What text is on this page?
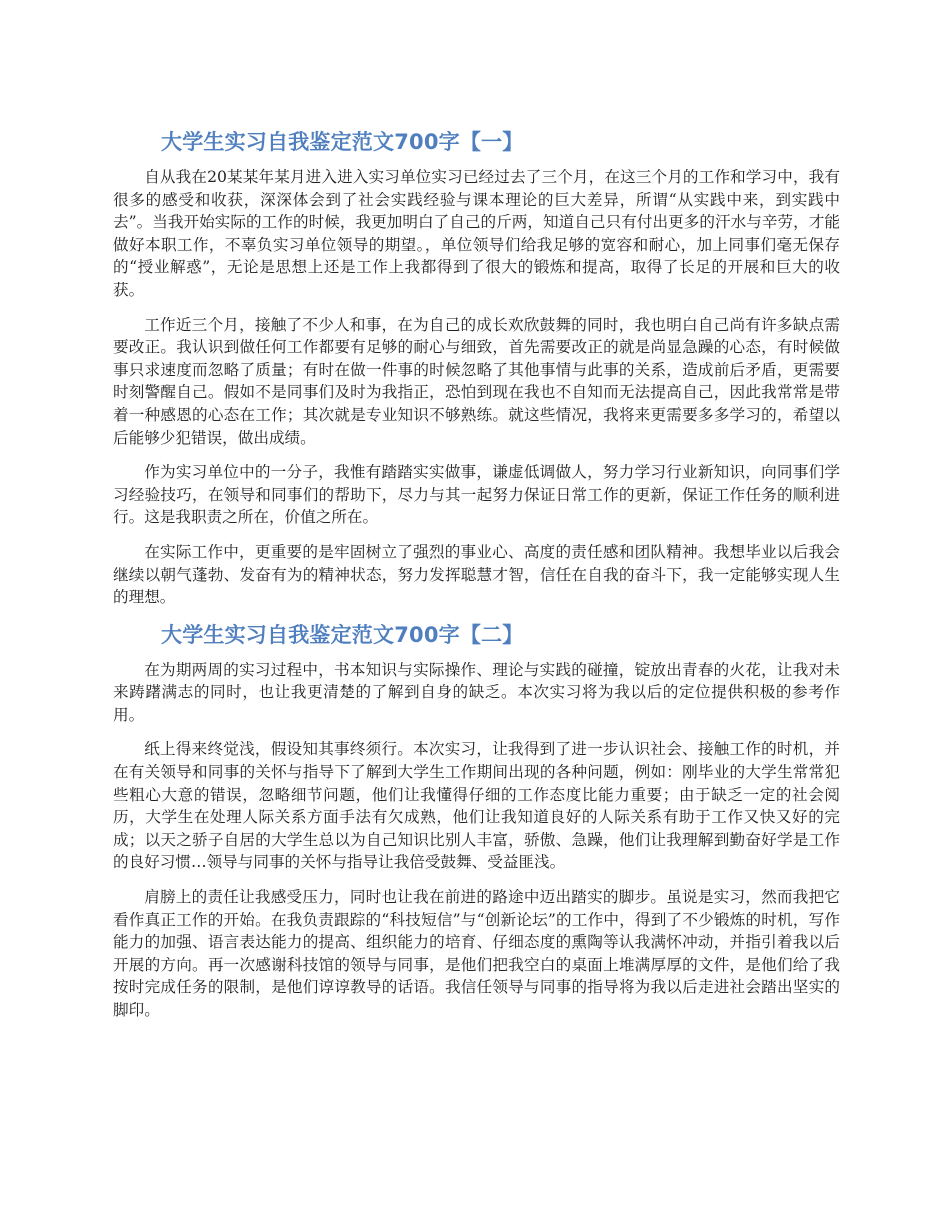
大学生实习自我鉴定范文700字【一】

自从我在20某某年某月进入进入实习单位实习已经过去了三个月，在这三个月的工作和学习中，我有很多的感受和收获，深深体会到了社会实践经验与课本理论的巨大差异，所谓“从实践中来，到实践中去”。当我开始实际的工作的时候，我更加明白了自己的斤两，知道自己只有付出更多的汗水与辛劳，才能做好本职工作，不辜负实习单位领导的期望。，单位领导们给我足够的宽容和耐心，加上同事们毫无保存的“授业解惑”，无论是思想上还是工作上我都得到了很大的锻炼和提高，取得了长足的开展和巨大的收获。

工作近三个月，接触了不少人和事，在为自己的成长欢欣鼓舞的同时，我也明白自己尚有许多缺点需要改正。我认识到做任何工作都要有足够的耐心与细致，首先需要改正的就是尚显急躁的心态，有时候做事只求速度而忽略了质量；有时在做一件事的时候忽略了其他事情与此事的关系，造成前后矛盾，更需要时刻警醒自己。假如不是同事们及时为我指正，恐怕到现在我也不自知而无法提高自己，因此我常常是带着一种感恩的心态在工作；其次就是专业知识不够熟练。就这些情况，我将来更需要多多学习的，希望以后能够少犯错误，做出成绩。

作为实习单位中的一分子，我惟有踏踏实实做事，谦虚低调做人，努力学习行业新知识，向同事们学习经验技巧，在领导和同事们的帮助下，尽力与其一起努力保证日常工作的更新，保证工作任务的顺利进行。这是我职责之所在，价值之所在。

在实际工作中，更重要的是牢固树立了强烈的事业心、高度的责任感和团队精神。我想毕业以后我会继续以朝气蓬勃、发奋有为的精神状态，努力发挥聪慧才智，信任在自我的奋斗下，我一定能够实现人生的理想。

大学生实习自我鉴定范文700字【二】

在为期两周的实习过程中，书本知识与实际操作、理论与实践的碰撞，锭放出青春的火花，让我对未来踌躇满志的同时，也让我更清楚的了解到自身的缺乏。本次实习将为我以后的定位提供积极的参考作用。

纸上得来终觉浅，假设知其事终须行。本次实习，让我得到了进一步认识社会、接触工作的时机，并在有关领导和同事的关怀与指导下了解到大学生工作期间出现的各种问题，例如：刚毕业的大学生常常犯些粗心大意的错误，忽略细节问题，他们让我懂得仔细的工作态度比能力重要；由于缺乏一定的社会阅历，大学生在处理人际关系方面手法有欠成熟，他们让我知道良好的人际关系有助于工作又快又好的完成；以天之骄子自居的大学生总以为自己知识比别人丰富，骄傲、急躁，他们让我理解到勤奋好学是工作的良好习惯…领导与同事的关怀与指导让我倍受鼓舞、受益匪浅。

肩膀上的责任让我感受压力，同时也让我在前进的路途中迈出踏实的脚步。虽说是实习，然而我把它看作真正工作的开始。在我负责跟踪的“科技短信”与“创新论坛”的工作中，得到了不少锻炼的时机，写作能力的加强、语言表达能力的提高、组织能力的培育、仔细态度的熏陶等认我满怀冲动，并指引着我以后开展的方向。再一次感谢科技馆的领导与同事，是他们把我空白的桌面上堆满厚厚的文件，是他们给了我按时完成任务的限制，是他们谆谆教导的话语。我信任领导与同事的指导将为我以后走进社会踏出坚实的脚印。
